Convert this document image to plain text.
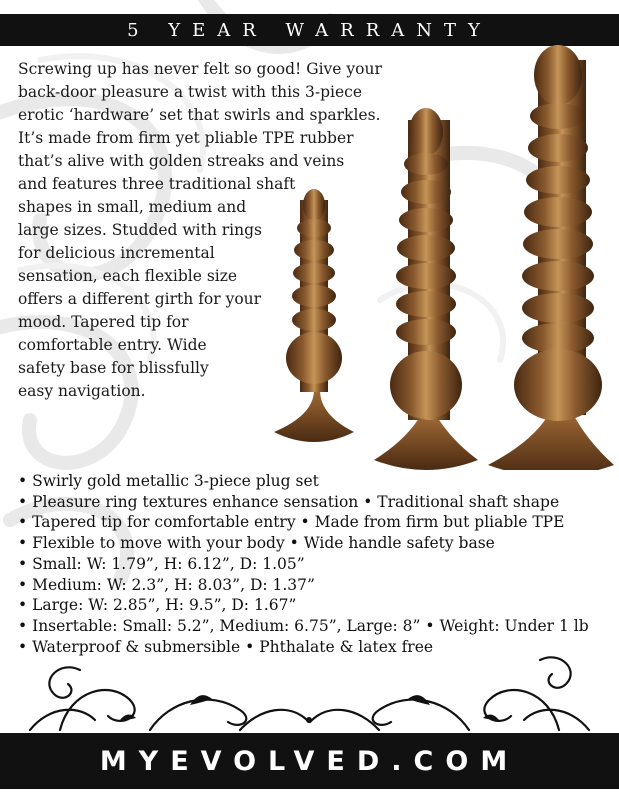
5 YEAR WARRANTY
Screwing up has never felt so good! Give your
back-door pleasure a twist with this 3-piece
erotic ‘hardware’ set that swirls and sparkles.
It’s made from firm yet pliable TPE rubber
that’s alive with golden streaks and veins
and features three traditional shaft
shapes in small, medium and
large sizes. Studded with rings
for delicious incremental
sensation, each flexible size
offers a different girth for your
mood. Tapered tip for
comfortable entry. Wide
safety base for blissfully
easy navigation.
• Swirly gold metallic 3-piece plug set
• Pleasure ring textures enhance sensation • Traditional shaft shape
• Tapered tip for comfortable entry • Made from firm but pliable TPE
• Flexible to move with your body • Wide handle safety base
• Small: W: 1.79”, H: 6.12”, D: 1.05”
• Medium: W: 2.3”, H: 8.03”, D: 1.37”
• Large: W: 2.85”, H: 9.5”, D: 1.67”
• Insertable: Small: 5.2”, Medium: 6.75”, Large: 8” • Weight: Under 1 lb
• Waterproof & submersible • Phthalate & latex free
MYEVOLVED.COM
